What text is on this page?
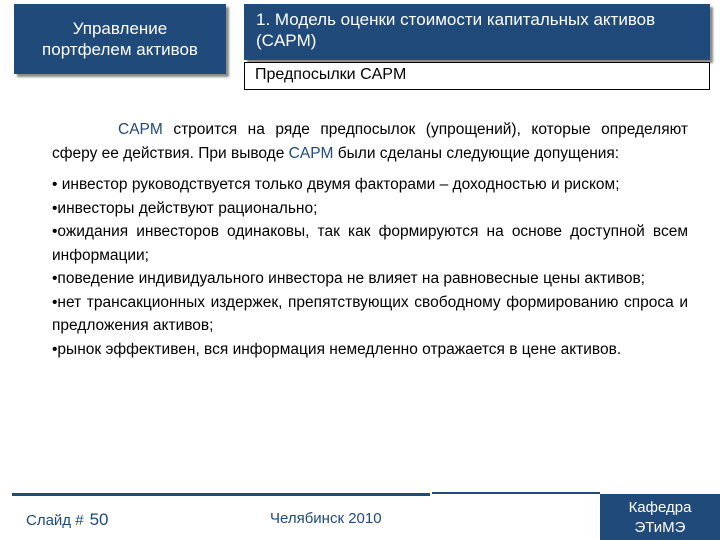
Управление
портфелем активов
1. Модель оценки стоимости капитальных активов
(CAPM)
Предпосылки CAPM

CAPM строится на ряде предпосылок (упрощений), которые определяют сферу ее действия. При выводе CAPM были сделаны следующие допущения:

• инвестор руководствуется только двумя факторами – доходностью и риском;

•инвесторы действуют рационально;

•ожидания инвесторов одинаковы, так как формируются на основе доступной всем информации;

•поведение индивидуального инвестора не влияет на равновесные цены активов;

•нет трансакционных издержек, препятствующих свободному формированию спроса и предложения активов;

•рынок эффективен, вся информация немедленно отражается в цене активов.

Слайд # 50	Челябинск 2010
Кафедра
ЭТиМЭ
